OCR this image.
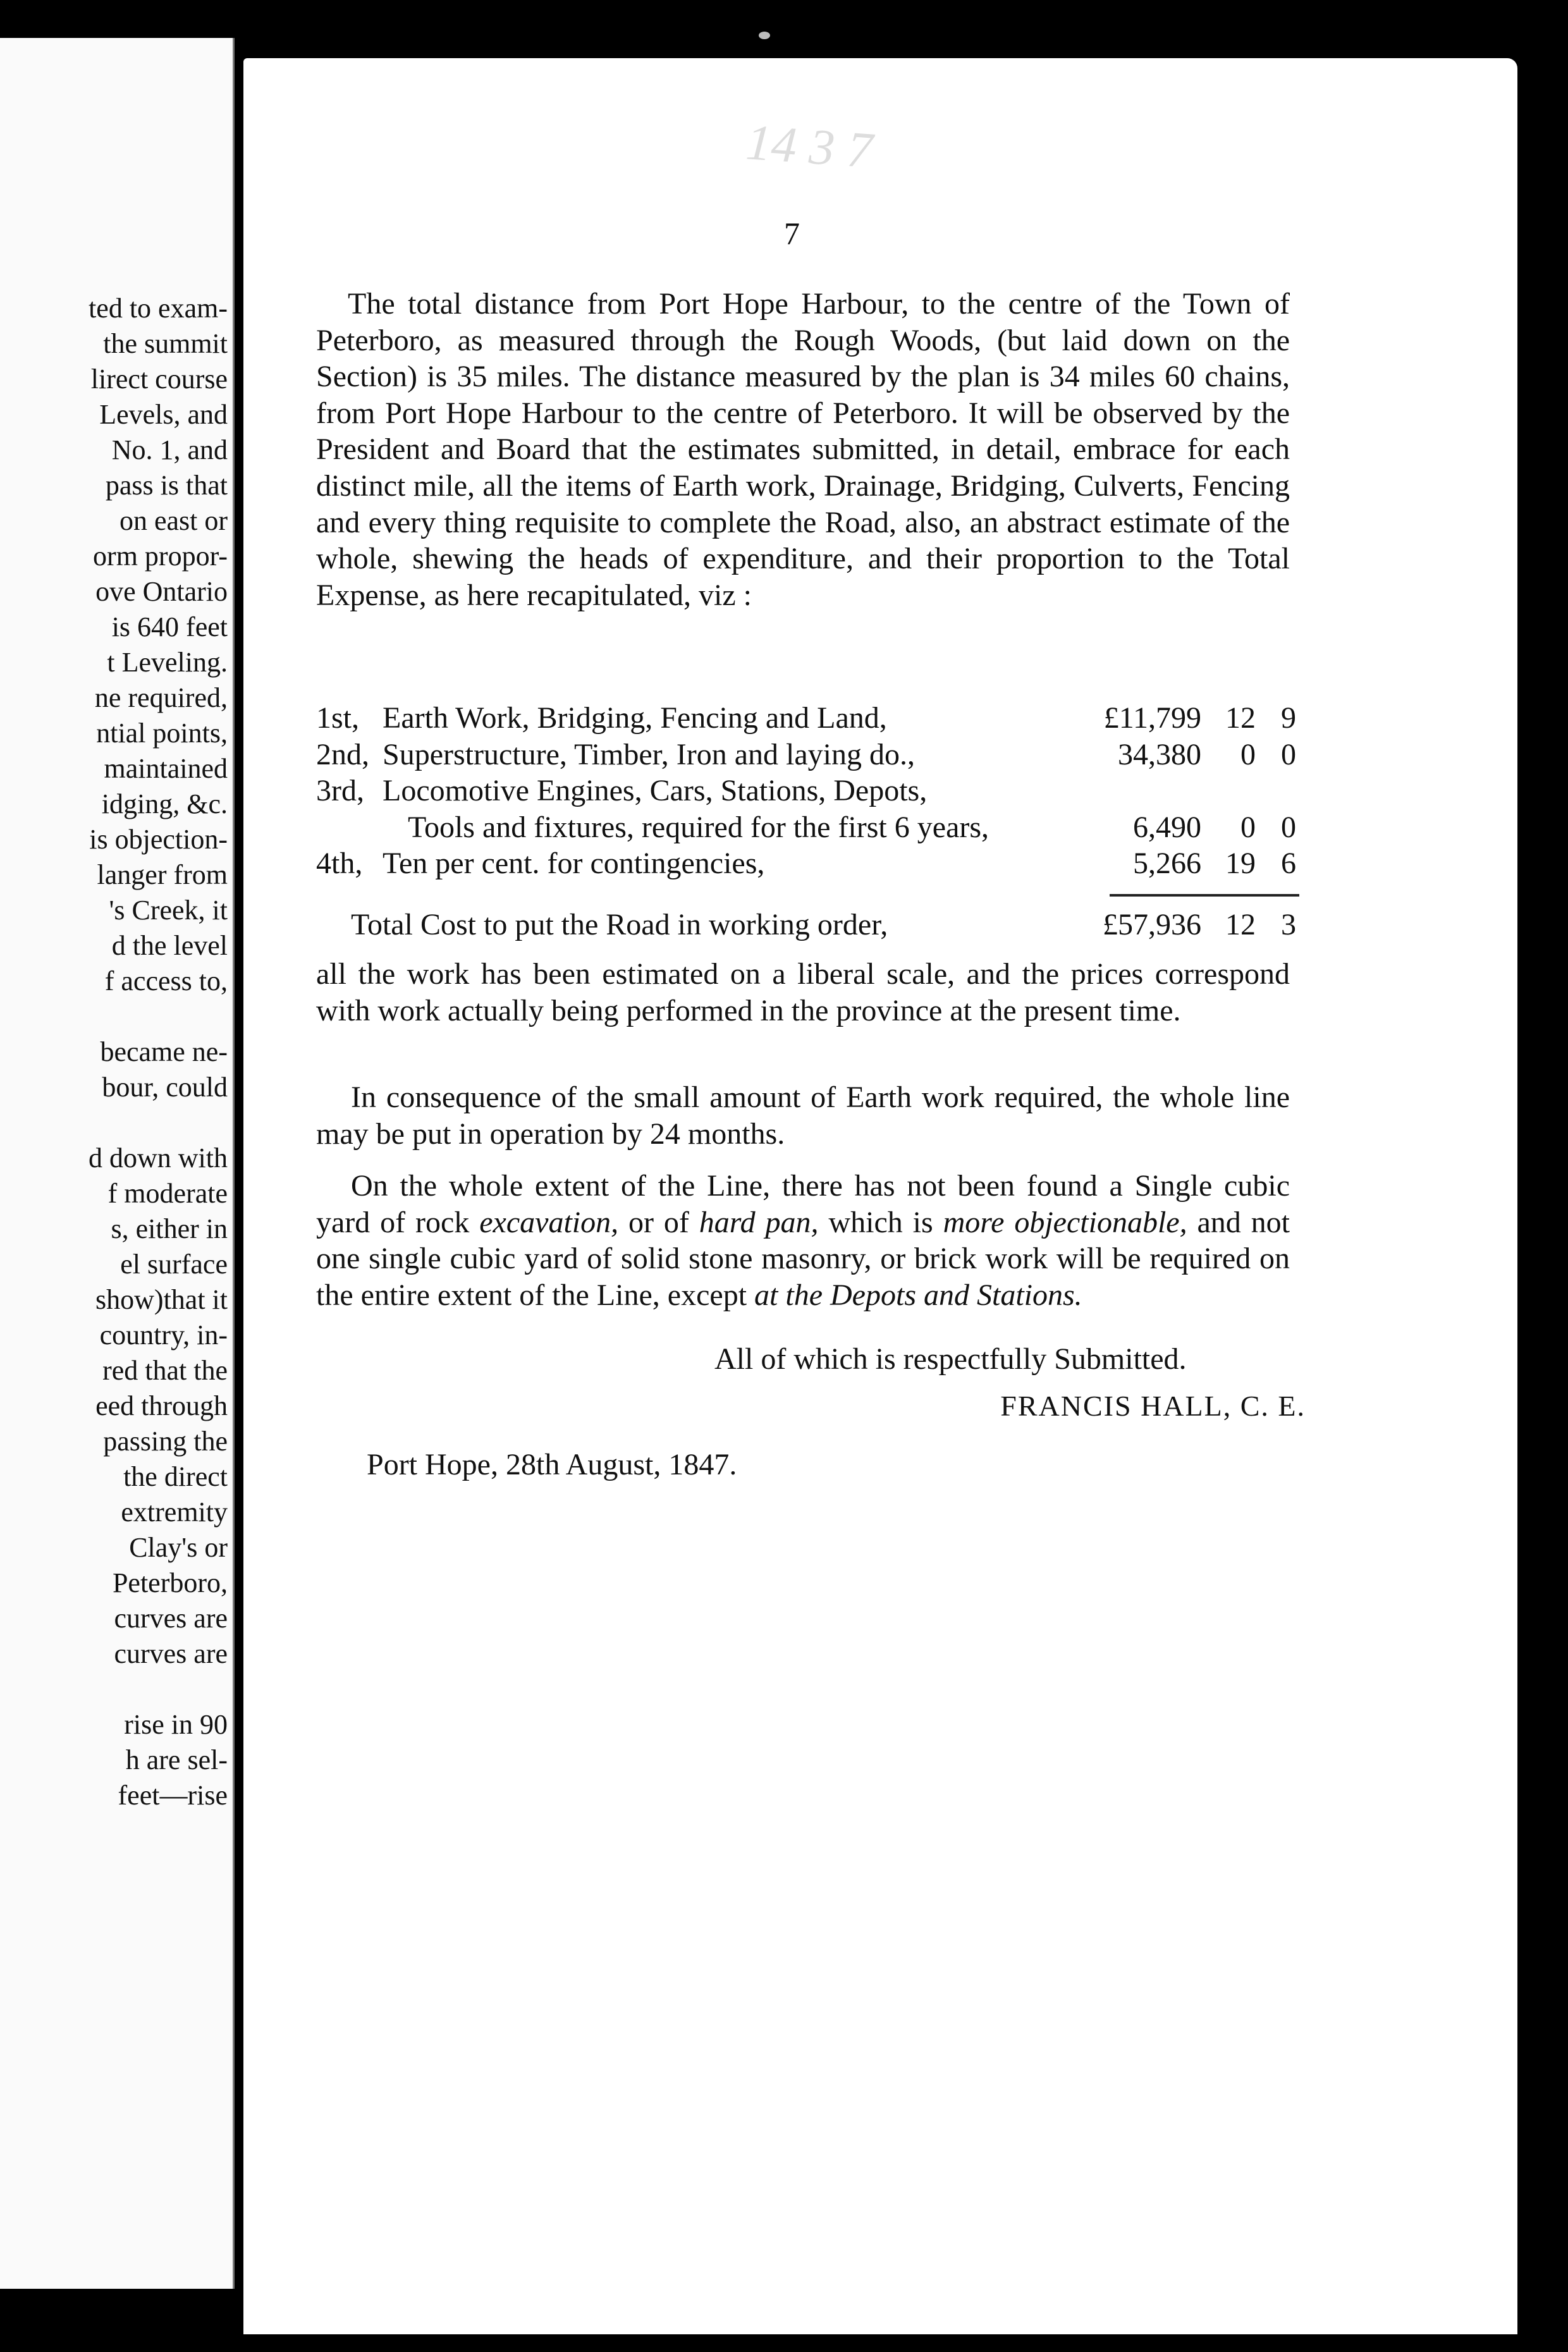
ted to exam-
the summit
lirect course
Levels, and
No. 1, and
pass is that
on east or
orm propor-
ove Ontario
is 640 feet
t Leveling.
ne required,
ntial points,
maintained
idging, &c.
is objection-
langer from
's Creek, it
d the level
f access to,
became ne-
bour, could
d down with
f moderate
s, either in
el surface
show)that it
country, in-
red that the
eed through
passing the
the direct
extremity
Clay's or
Peterboro,
curves are
curves are
rise in 90
h are sel-
feet—rise
14 3 7
7
The total distance from Port Hope Harbour, to the centre of the Town of Peterboro, as measured through the Rough Woods, (but laid down on the Section) is 35 miles. The distance measured by the plan is 34 miles 60 chains, from Port Hope Harbour to the centre of Peterboro. It will be observed by the President and Board that the estimates submitted, in detail, embrace for each distinct mile, all the items of Earth work, Drainage, Bridging, Culverts, Fencing and every thing requisite to complete the Road, also, an abstract estimate of the whole, shewing the heads of expenditure, and their proportion to the Total Expense, as here recapitulated, viz :
1st, Earth Work, Bridging, Fencing and Land,	£11,799 12 9
2nd, Superstructure, Timber, Iron and laying do.,	34,380	0 0
3rd, Locomotive Engines, Cars, Stations, Depots,
Tools and fixtures, required for the first 6 years,	6,490	0 0
4th, Ten per cent. for contingencies,	5,266 19 6
Total Cost to put the Road in working order,	£57,936 12 3
all the work has been estimated on a liberal scale, and the prices correspond with work actually being performed in the province at the present time.
In consequence of the small amount of Earth work required, the whole line may be put in operation by 24 months.
On the whole extent of the Line, there has not been found a Single cubic yard of rock excavation, or of hard pan, which is more objectionable, and not one single cubic yard of solid stone masonry, or brick work will be required on the entire extent of the Line, except at the Depots and Stations.
All of which is respectfully Submitted.
FRANCIS HALL, C. E.
Port Hope, 28th August, 1847.
